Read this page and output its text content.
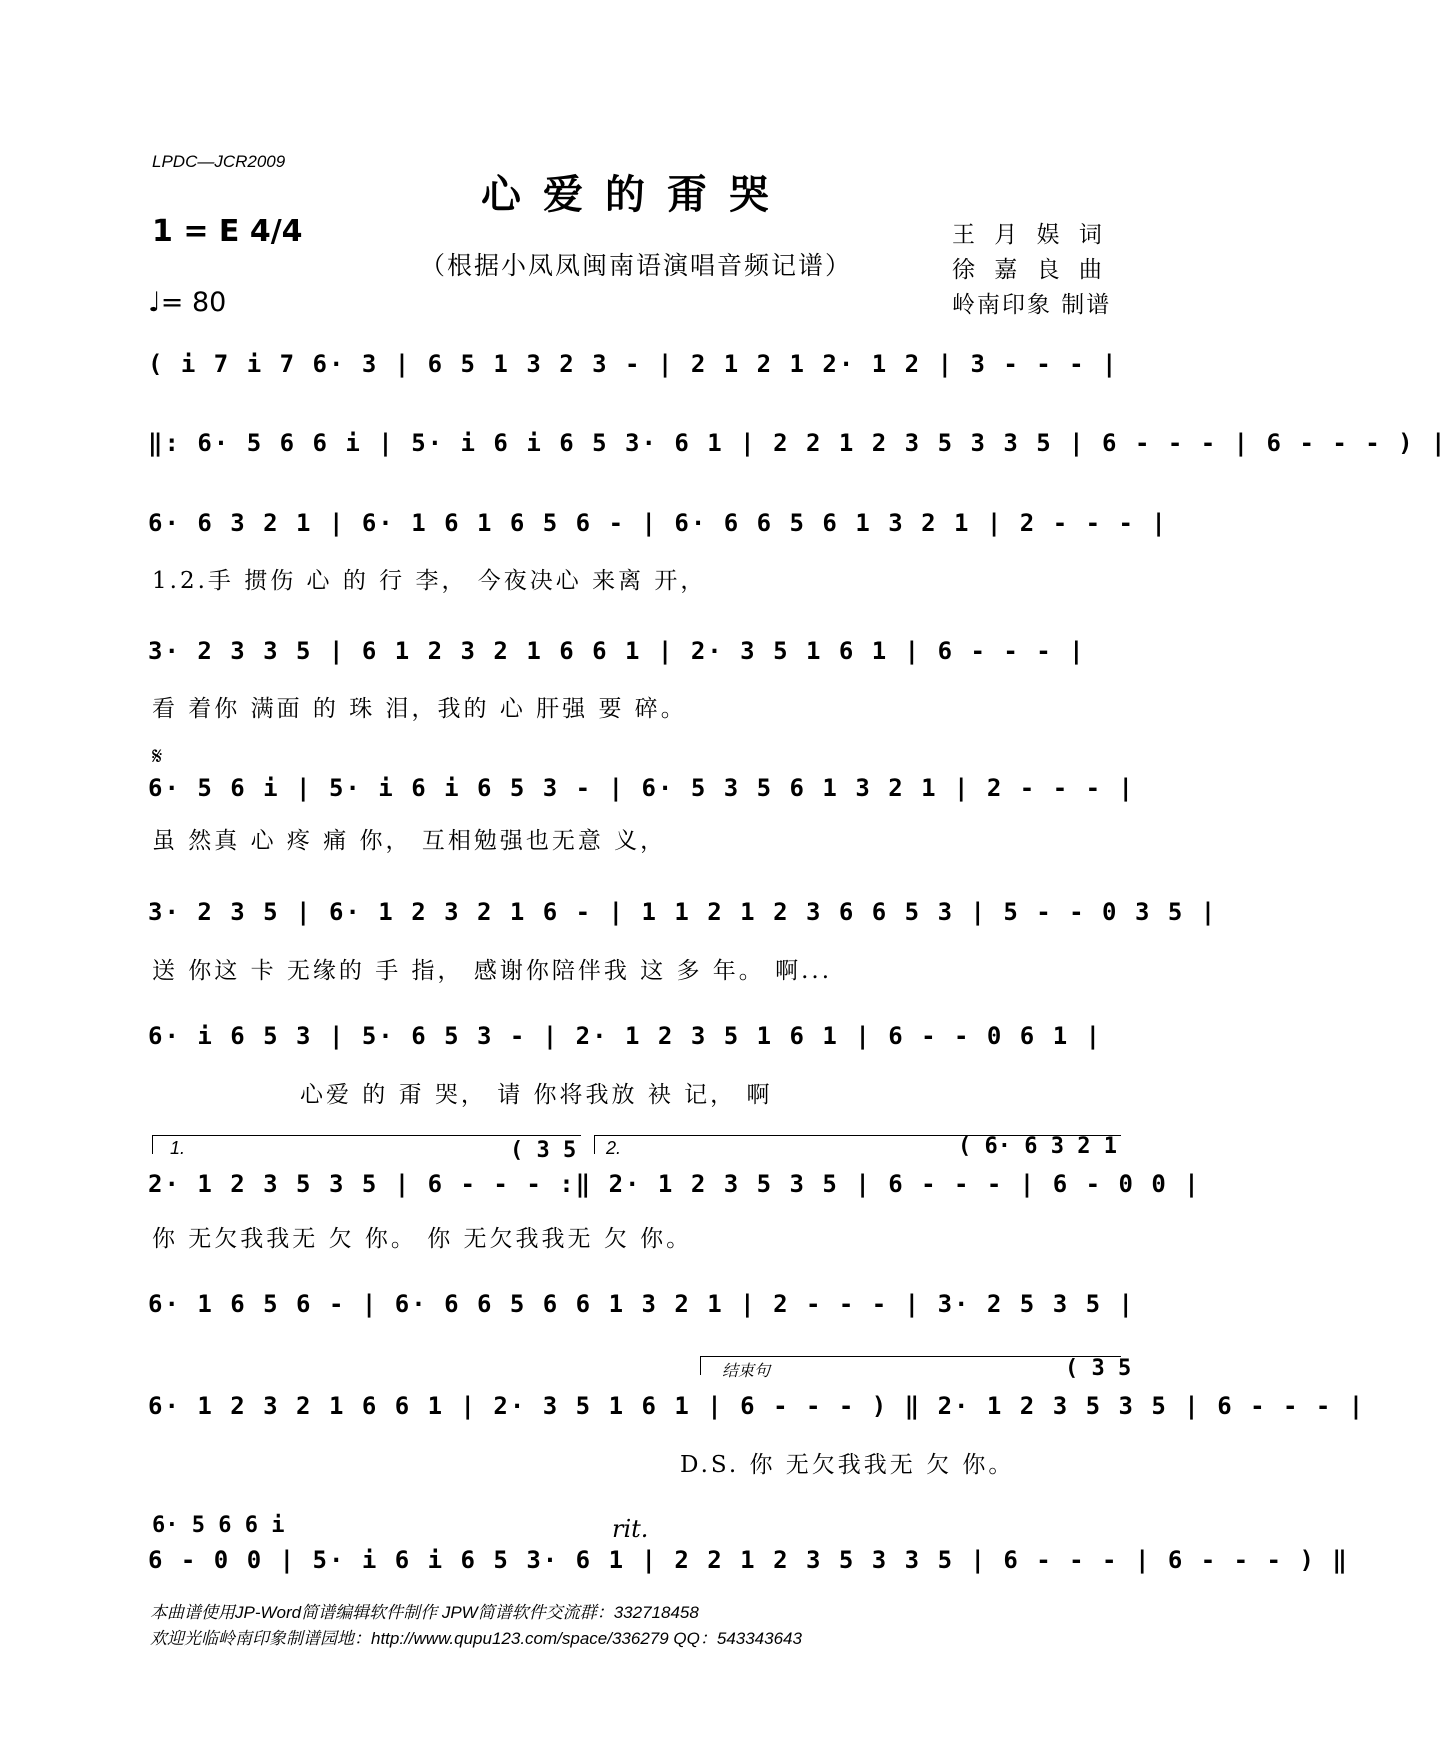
LPDC—JCR2009
心爱的甭哭
（根据小凤凤闽南语演唱音频记谱）
1 = E 4/4
♩= 80
王 月 娱 词
徐 嘉 良 曲
岭南印象 制谱
( i 7 i 7 6· 3 | 6 5 1 3 2 3 - | 2 1 2 1 2· 1 2 | 3 - - - |
‖: 6· 5 6 6 i | 5· i 6 i 6 5 3· 6 1 | 2 2 1 2 3 5 3 3 5 | 6 - - - | 6 - - - ) |
6· 6 3 2 1 | 6· 1 6 1 6 5 6 - | 6· 6 6 5 6 1 3 2 1 | 2 - - - |
1.2.手 掼伤 心 的 行 李， 今夜决心 来离 开，
3· 2 3 3 5 | 6 1 2 3 2 1 6 6 1 | 2· 3 5 1 6 1 | 6 - - - |
看 着你 满面 的 珠 泪，我的 心 肝强 要 碎。
𝄋
6· 5 6 i | 5· i 6 i 6 5 3 - | 6· 5 3 5 6 1 3 2 1 | 2 - - - |
虽 然真 心 疼 痛 你， 互相勉强也无意 义，
3· 2 3 5 | 6· 1 2 3 2 1 6 - | 1 1 2 1 2 3 6 6 5 3 | 5 - - 0 3 5 |
送 你这 卡 无缘的 手 指， 感谢你陪伴我 这 多 年。 啊...
6· i 6 5 3 | 5· 6 5 3 - | 2· 1 2 3 5 1 6 1 | 6 - - 0 6 1 |
心爱 的 甭 哭， 请 你将我放 袂 记， 啊
1.	2.
( 3 5	( 6· 6 3 2 1
2· 1 2 3 5 3 5 | 6 - - - :‖ 2· 1 2 3 5 3 5 | 6 - - - | 6 - 0 0 |
你 无欠我我无 欠 你。 你 无欠我我无 欠 你。
6· 1 6 5 6 - | 6· 6 6 5 6 6 1 3 2 1 | 2 - - - | 3· 2 5 3 5 |
结束句	( 3 5
6· 1 2 3 2 1 6 6 1 | 2· 3 5 1 6 1 | 6 - - - ) ‖ 2· 1 2 3 5 3 5 | 6 - - - |
D.S. 你 无欠我我无 欠 你。
6· 5 6 6 i	rit.
6 - 0 0 | 5· i 6 i 6 5 3· 6 1 | 2 2 1 2 3 5 3 3 5 | 6 - - - | 6 - - - ) ‖
本曲谱使用JP-Word简谱编辑软件制作 JPW简谱软件交流群：332718458
欢迎光临岭南印象制谱园地：http://www.qupu123.com/space/336279 QQ：543343643
